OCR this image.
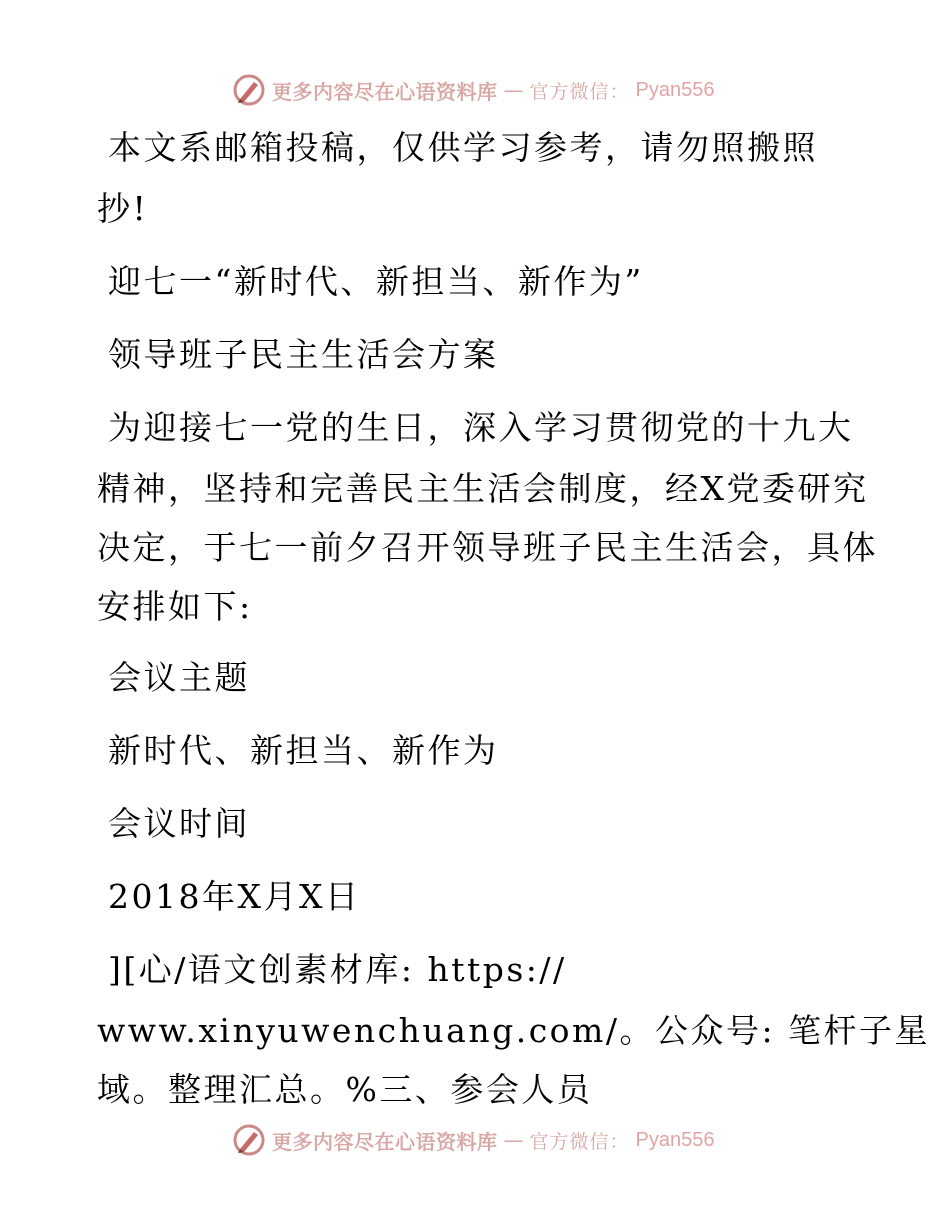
更多内容尽在心语资料库 — 官方微信： Pyan556
本文系邮箱投稿，仅供学习参考，请勿照搬照
抄!
迎七一“新时代、新担当、新作为”
领导班子民主生活会方案
为迎接七一党的生日，深入学习贯彻党的十九大
精神，坚持和完善民主生活会制度，经X党委研究
决定，于七一前夕召开领导班子民主生活会，具体
安排如下:
会议主题
新时代、新担当、新作为
会议时间
2018年X月X日
][心/语文创素材库: https://
www.xinyuwenchuang.com/。公众号: 笔杆子星
域。整理汇总。%三、参会人员
更多内容尽在心语资料库 — 官方微信： Pyan556
